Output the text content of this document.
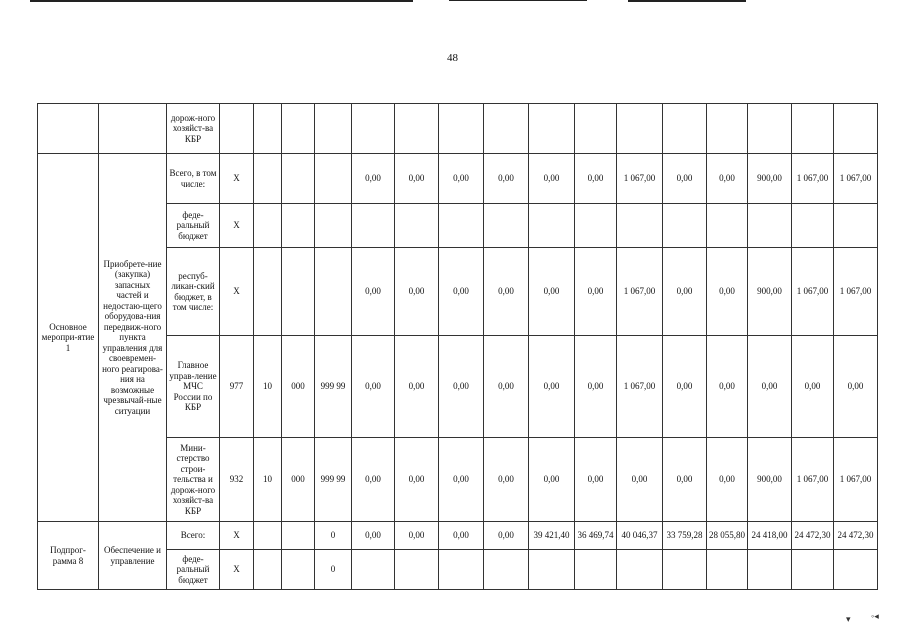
48
		дорож-ного хозяйст-ва КБР																
Основное меропри-ятие 1	Приобрете-ние (закупка) запасных частей и недостаю-щего оборудова-ния передвиж-ного пункта управления для своевремен-ного реагирова-ния на возможные чрезвычай-ные ситуации	Всего, в том числе:	Х				0,00	0,00	0,00	0,00	0,00	0,00	1 067,00	0,00	0,00	900,00	1 067,00	1 067,00
		феде-ральный бюджет	Х															
		респуб-ликан-ский бюджет, в том числе:	Х				0,00	0,00	0,00	0,00	0,00	0,00	1 067,00	0,00	0,00	900,00	1 067,00	1 067,00
		Главное управ-ление МЧС России по КБР	977	10	000	999 99	0,00	0,00	0,00	0,00	0,00	0,00	1 067,00	0,00	0,00	0,00	0,00	0,00
		Мини-стерство строи-тельства и дорож-ного хозяйст-ва КБР	932	10	000	999 99	0,00	0,00	0,00	0,00	0,00	0,00	0,00	0,00	0,00	900,00	1 067,00	1 067,00
Подпрог-рамма 8	Обеспечение и управление	Всего:	Х			0	0,00	0,00	0,00	0,00	39 421,40	36 469,74	40 046,37	33 759,28	28 055,80	24 418,00	24 472,30	24 472,30
		феде-ральный бюджет	Х			0												
▾ ◦◂
